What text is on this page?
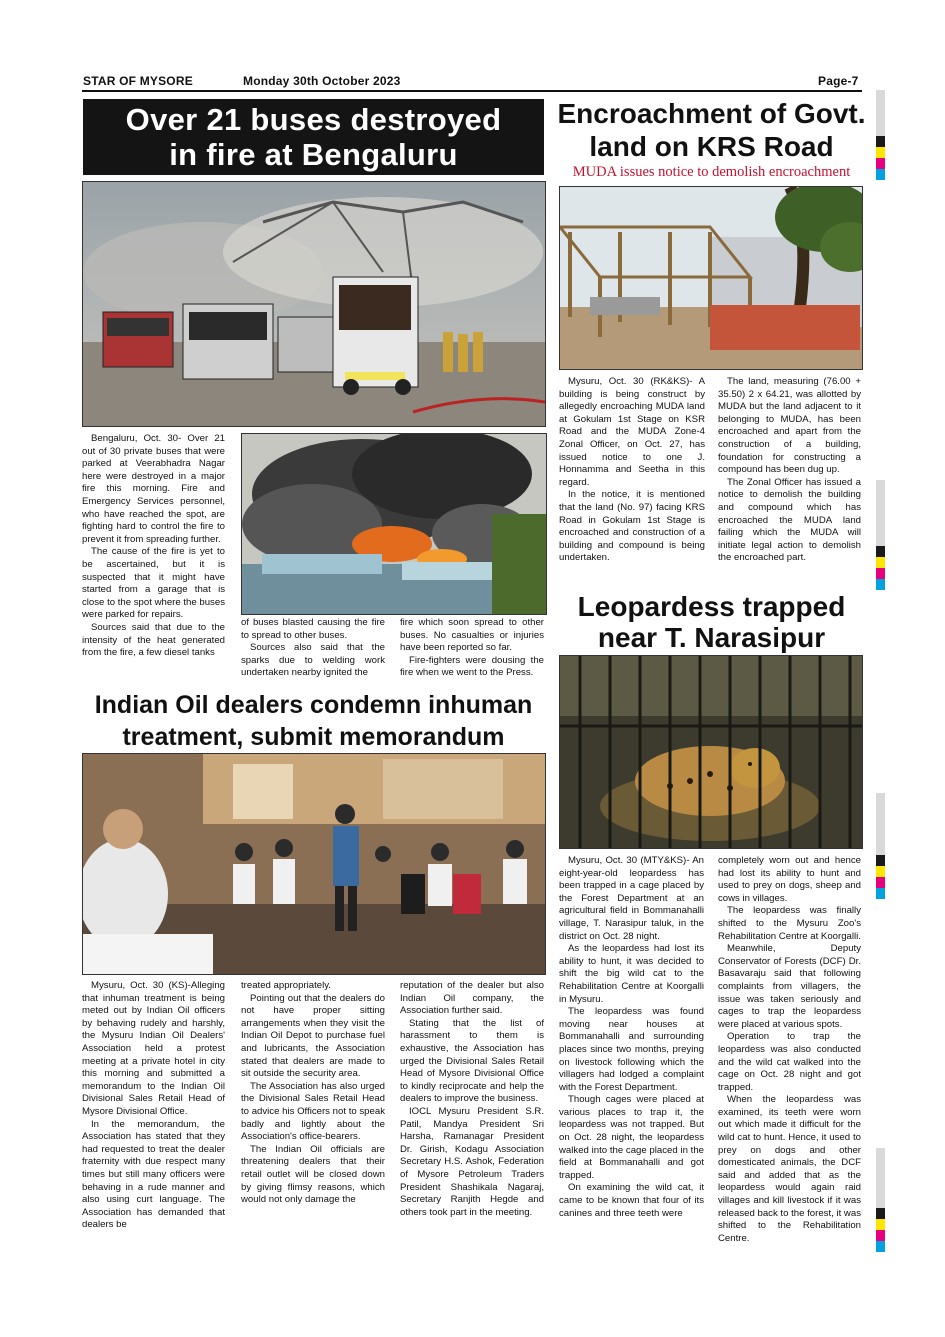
STAR OF MYSORE	Monday 30th October 2023	Page-7
Over 21 buses destroyed
in fire at Bengaluru

Bengaluru, Oct. 30- Over 21 out of 30 private buses that were parked at Veerabhadra Nagar here were destroyed in a major fire this morning. Fire and Emergency Services personnel, who have reached the spot, are fighting hard to control the fire to prevent it from spreading further.

The cause of the fire is yet to be ascertained, but it is suspected that it might have started from a garage that is close to the spot where the buses were parked for repairs.

Sources said that due to the intensity of the heat generated from the fire, a few diesel tanks

of buses blasted causing the fire to spread to other buses.

Sources also said that the sparks due to welding work undertaken nearby ignited the

fire which soon spread to other buses. No casualties or injuries have been reported so far.

Fire-fighters were dousing the fire when we went to the Press.

Encroachment of Govt.
land on KRS Road
MUDA issues notice to demolish encroachment

Mysuru, Oct. 30 (RK&KS)- A building is being construct by allegedly encroaching MUDA land at Gokulam 1st Stage on KSR Road and the MUDA Zone-4 Zonal Officer, on Oct. 27, has issued notice to one J. Honnamma and Seetha in this regard.

In the notice, it is mentioned that the land (No. 97) facing KRS Road in Gokulam 1st Stage is encroached and construction of a building and compound is being undertaken.

The land, measuring (76.00 + 35.50) 2 x 64.21, was allotted by MUDA but the land adjacent to it belonging to MUDA, has been encroached and apart from the construction of a building, foundation for constructing a compound has been dug up.

The Zonal Officer has issued a notice to demolish the building and compound which has encroached the MUDA land failing which the MUDA will initiate legal action to demolish the encroached part.

Leopardess trapped
near T. Narasipur

Mysuru, Oct. 30 (MTY&KS)- An eight-year-old leopardess has been trapped in a cage placed by the Forest Department at an agricultural field in Bommanahalli village, T. Narasipur taluk, in the district on Oct. 28 night.

As the leopardess had lost its ability to hunt, it was decided to shift the big wild cat to the Rehabilitation Centre at Koorgalli in Mysuru.

The leopardess was found moving near houses at Bommanahalli and surrounding places since two months, preying on livestock following which the villagers had lodged a complaint with the Forest Department.

Though cages were placed at various places to trap it, the leopardess was not trapped. But on Oct. 28 night, the leopardess walked into the cage placed in the field at Bommanahalli and got trapped.

On examining the wild cat, it came to be known that four of its canines and three teeth were

completely worn out and hence had lost its ability to hunt and used to prey on dogs, sheep and cows in villages.

The leopardess was finally shifted to the Mysuru Zoo's Rehabilitation Centre at Koorgalli.

Meanwhile, Deputy Conservator of Forests (DCF) Dr. Basavaraju said that following complaints from villagers, the issue was taken seriously and cages to trap the leopardess were placed at various spots.

Operation to trap the leopardess was also conducted and the wild cat walked into the cage on Oct. 28 night and got trapped.

When the leopardess was examined, its teeth were worn out which made it difficult for the wild cat to hunt. Hence, it used to prey on dogs and other domesticated animals, the DCF said and added that as the leopardess would again raid villages and kill livestock if it was released back to the forest, it was shifted to the Rehabilitation Centre.

Indian Oil dealers condemn inhuman
treatment, submit memorandum

Mysuru, Oct. 30 (KS)-Alleging that inhuman treatment is being meted out by Indian Oil officers by behaving rudely and harshly, the Mysuru Indian Oil Dealers' Association held a protest meeting at a private hotel in city this morning and submitted a memorandum to the Indian Oil Divisional Sales Retail Head of Mysore Divisional Office.

In the memorandum, the Association has stated that they had requested to treat the dealer fraternity with due respect many times but still many officers were behaving in a rude manner and also using curt language. The Association has demanded that dealers be

treated appropriately.

Pointing out that the dealers do not have proper sitting arrangements when they visit the Indian Oil Depot to purchase fuel and lubricants, the Association stated that dealers are made to sit outside the security area.

The Association has also urged the Divisional Sales Retail Head to advice his Officers not to speak badly and lightly about the Association's office-bearers.

The Indian Oil officials are threatening dealers that their retail outlet will be closed down by giving flimsy reasons, which would not only damage the

reputation of the dealer but also Indian Oil company, the Association further said.

Stating that the list of harassment to them is exhaustive, the Association has urged the Divisional Sales Retail Head of Mysore Divisional Office to kindly reciprocate and help the dealers to improve the business.

IOCL Mysuru President S.R. Patil, Mandya President Sri Harsha, Ramanagar President Dr. Girish, Kodagu Association Secretary H.S. Ashok, Federation of Mysore Petroleum Traders President Shashikala Nagaraj, Secretary Ranjith Hegde and others took part in the meeting.
